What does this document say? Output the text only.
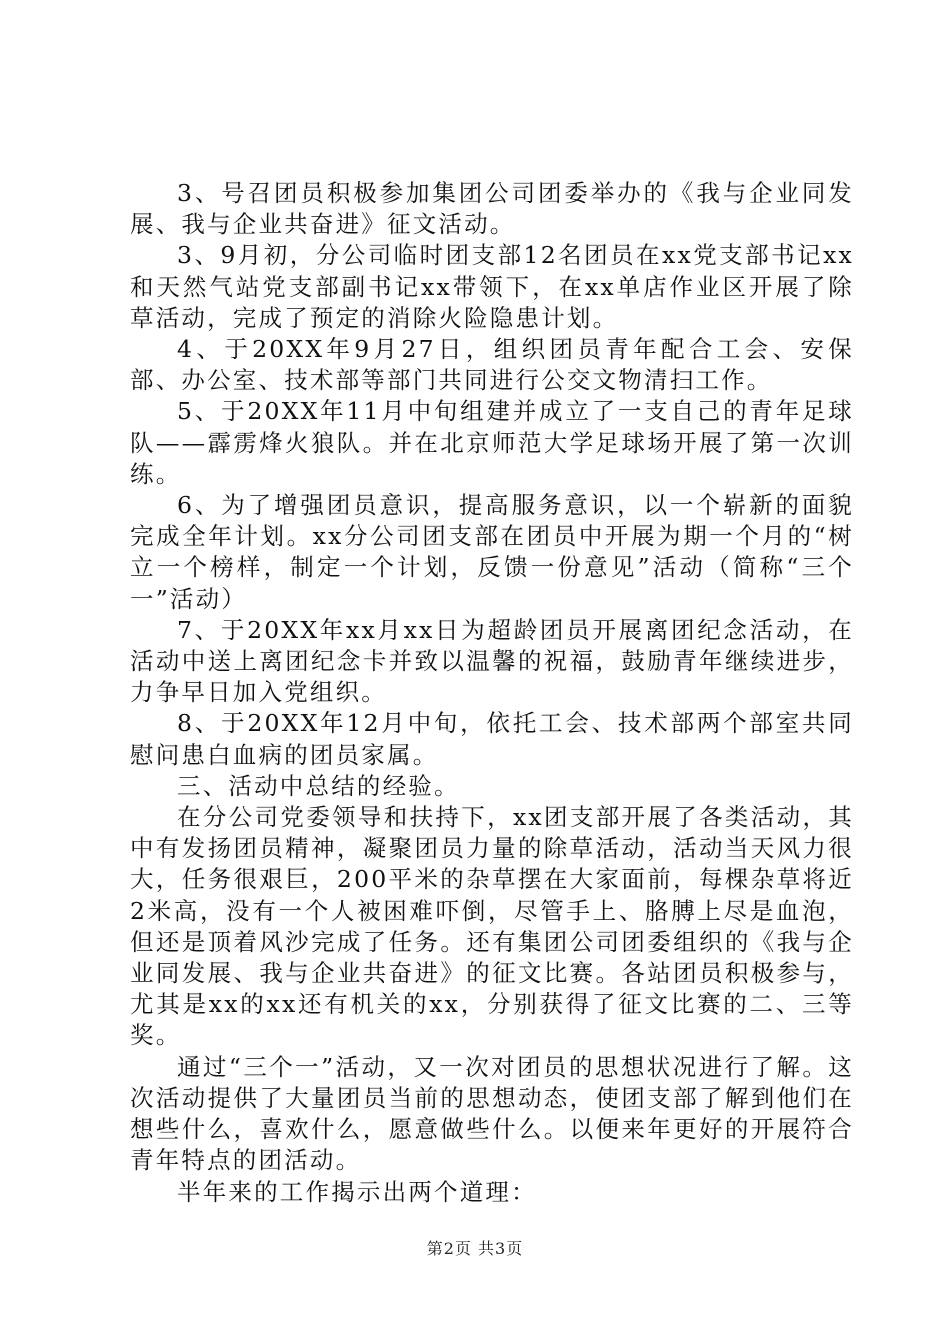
3、号召团员积极参加集团公司团委举办的《我与企业同发展、我与企业共奋进》征文活动。

3、9月初，分公司临时团支部12名团员在xx党支部书记xx和天然气站党支部副书记xx带领下，在xx单店作业区开展了除草活动，完成了预定的消除火险隐患计划。

4、于20XX年9月27日，组织团员青年配合工会、安保部、办公室、技术部等部门共同进行公交文物清扫工作。

5、于20XX年11月中旬组建并成立了一支自己的青年足球队——霹雳烽火狼队。并在北京师范大学足球场开展了第一次训练。

6、为了增强团员意识，提高服务意识，以一个崭新的面貌完成全年计划。xx分公司团支部在团员中开展为期一个月的“树立一个榜样，制定一个计划，反馈一份意见”活动（简称“三个一”活动）

7、于20XX年xx月xx日为超龄团员开展离团纪念活动，在活动中送上离团纪念卡并致以温馨的祝福，鼓励青年继续进步，力争早日加入党组织。

8、于20XX年12月中旬，依托工会、技术部两个部室共同慰问患白血病的团员家属。

三、活动中总结的经验。

在分公司党委领导和扶持下，xx团支部开展了各类活动，其中有发扬团员精神，凝聚团员力量的除草活动，活动当天风力很大，任务很艰巨，200平米的杂草摆在大家面前，每棵杂草将近2米高，没有一个人被困难吓倒，尽管手上、胳膊上尽是血泡，但还是顶着风沙完成了任务。还有集团公司团委组织的《我与企业同发展、我与企业共奋进》的征文比赛。各站团员积极参与，尤其是xx的xx还有机关的xx，分别获得了征文比赛的二、三等奖。

通过“三个一”活动，又一次对团员的思想状况进行了解。这次活动提供了大量团员当前的思想动态，使团支部了解到他们在想些什么，喜欢什么，愿意做些什么。以便来年更好的开展符合青年特点的团活动。

半年来的工作揭示出两个道理：

第2页 共3页
